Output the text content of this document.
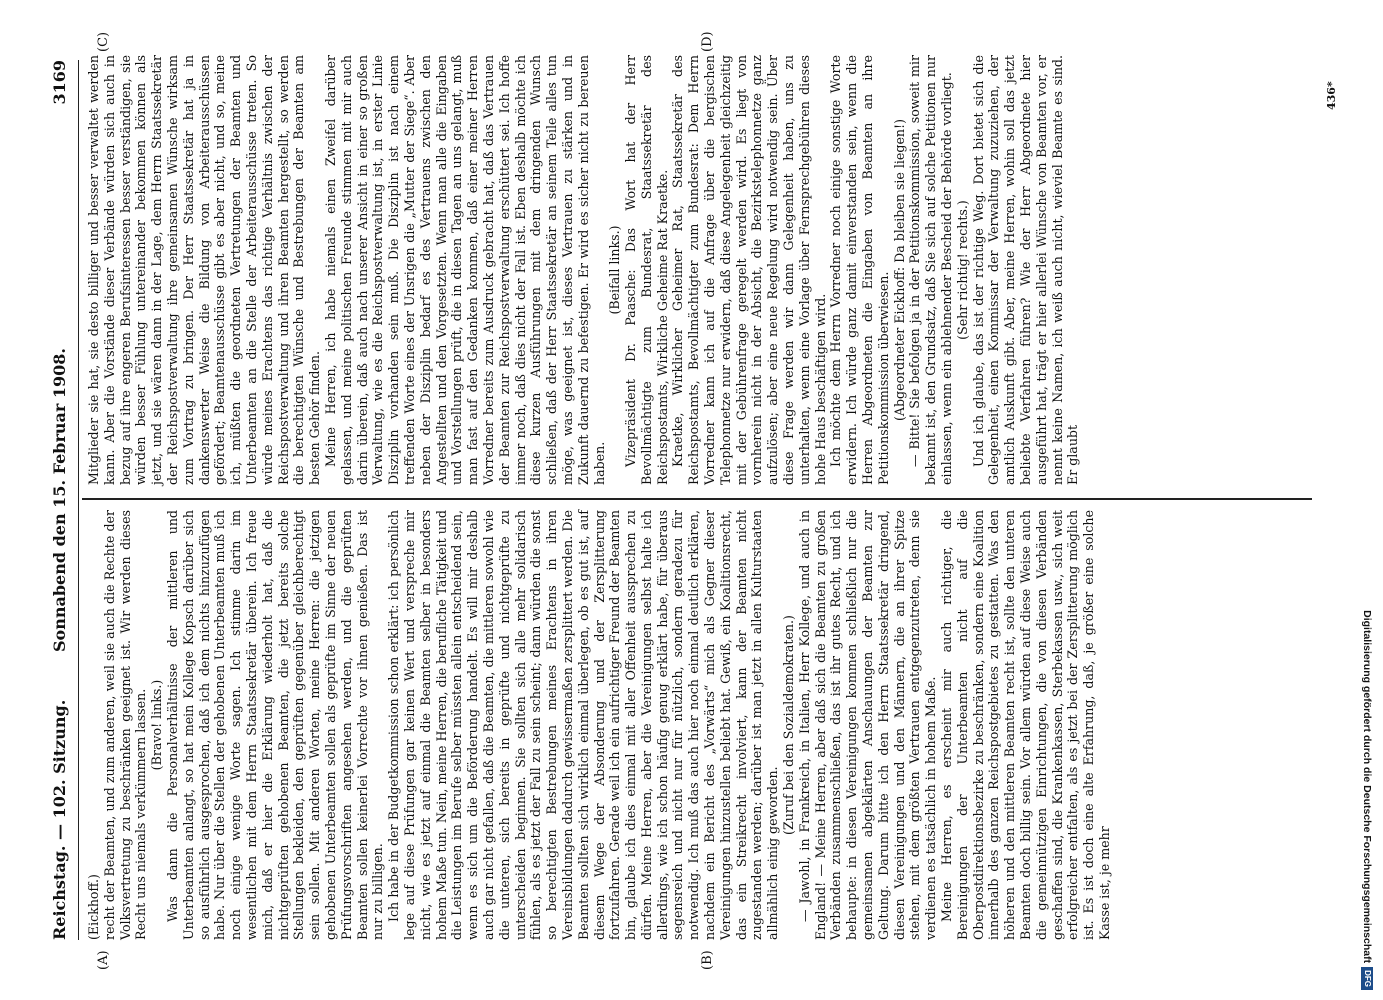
Reichstag. — 102. Sitzung.
Sonnabend den 15. Februar 1908.
3169
(A)	(B)
(C)	(D)

(Eickhoff.) recht der Beamten, und zum anderen, weil sie auch die Rechte der Volksvertretung zu beschränken geeignet ist. Wir werden dieses Recht uns niemals verkümmern lassen. (Bravo! links.) Was dann die Personalverhältnisse der mittleren und Unterbeamten anlangt, so hat mein Kollege Kopsch darüber sich so ausführlich ausgesprochen, daß ich dem nichts hinzuzufügen habe. Nur über die Stellen der gehobenen Unterbeamten muß ich noch einige wenige Worte sagen. Ich stimme darin im wesentlichen mit dem Herrn Staatssekretär überein. Ich freue mich, daß er hier die Erklärung wiederholt hat, daß die nichtgeprüften gehobenen Beamten, die jetzt bereits solche Stellungen bekleiden, den geprüften gegenüber gleichberechtigt sein sollen. Mit anderen Worten, meine Herren: die jetzigen gehobenen Unterbeamten sollen als geprüfte im Sinne der neuen Prüfungsvorschriften angesehen werden, und die geprüften Beamten sollen keinerlei Vorrechte vor ihnen genießen. Das ist nur zu billigen. Ich habe in der Budgetkommission schon erklärt: ich persönlich lege auf diese Prüfungen gar keinen Wert und verspreche mir nicht, wie es jetzt auf einmal die Beamten selber in besonders hohem Maße tun. Nein, meine Herren, die berufliche Tätigkeit und die Leistungen im Berufe selber müssten allein entscheidend sein, wenn es sich um die Beförderung handelt. Es will mir deshalb auch gar nicht gefallen, daß die Beamten, die mittleren sowohl wie die unteren, sich bereits in geprüfte und nichtgeprüfte zu unterscheiden beginnen. Sie sollten sich alle mehr solidarisch fühlen, als es jetzt der Fall zu sein scheint; dann würden die sonst so berechtigten Bestrebungen meines Erachtens in ihren Vereinsbildungen dadurch gewissermaßen zersplittert werden. Die Beamten sollten sich wirklich einmal überlegen, ob es gut ist, auf diesem Wege der Absonderung und der Zersplitterung fortzufahren. Gerade weil ich ein aufrichtiger Freund der Beamten bin, glaube ich dies einmal mit aller Offenheit aussprechen zu dürfen. Meine Herren, aber die Vereinigungen selbst halte ich allerdings, wie ich schon häufig genug erklärt habe, für überaus segensreich und nicht nur für nützlich, sondern geradezu für notwendig. Ich muß das auch hier noch einmal deutlich erklären, nachdem ein Bericht des „Vorwärts“ mich als Gegner dieser Vereinigungen hinzustellen beliebt hat. Gewiß, ein Koalitionsrecht, das ein Streikrecht involviert, kann der Beamten nicht zugestanden werden; darüber ist man jetzt in allen Kulturstaaten allmählich einig geworden.

(Zuruf bei den Sozialdemokraten.) — Jawohl, in Frankreich, in Italien, Herr Kollege, und auch in England! — Meine Herren, aber daß sich die Beamten zu großen Verbänden zusammenschließen, das ist ihr gutes Recht, und ich behaupte: in diesen Vereinigungen kommen schließlich nur die gemeinsamen abgeklärten Anschauungen der Beamten zur Geltung. Darum bitte ich den Herrn Staatssekretär dringend, diesen Vereinigungen und den Männern, die an ihrer Spitze stehen, mit dem größten Vertrauen entgegenzutreten, denn sie verdienen es tatsächlich in hohem Maße. Meine Herren, es erscheint mir auch richtiger, die Bereinigungen der Unterbeamten nicht auf die Oberpostdirektionsbezirke zu beschränken, sondern eine Koalition innerhalb des ganzen Reichspostgebietes zu gestatten. Was den höheren und den mittleren Beamten recht ist, sollte den unteren Beamten doch billig sein. Vor allem würden auf diese Weise auch die gemeinnützigen Einrichtungen, die von diesen Verbänden geschaffen sind, die Krankenkassen, Sterbekassen usw., sich weit erfolgreicher entfalten, als es jetzt bei der Zersplitterung möglich ist. Es ist doch eine alte Erfahrung, daß, je größer eine solche Kasse ist, je mehr

Mitglieder sie hat, sie desto billiger und besser verwaltet werden kann. Aber die Vorstände dieser Verbände würden sich auch in bezug auf ihre engeren Berufsinteressen besser verständigen, sie würden besser Fühlung untereinander bekommen können als jetzt, und sie wären dann in der Lage, dem Herrn Staatssekretär der Reichspostverwaltung ihre gemeinsamen Wünsche wirksam zum Vortrag zu bringen. Der Herr Staatssekretär hat ja in dankenswerter Weise die Bildung von Arbeiterausschüssen gefördert; Beamtenausschüsse gibt es aber nicht, und so, meine ich, müßten die geordneten Vertretungen der Beamten und Unterbeamten an die Stelle der Arbeiterausschüsse treten. So würde meines Erachtens das richtige Verhältnis zwischen der Reichspostverwaltung und ihren Beamten hergestellt, so werden die berechtigten Wünsche und Bestrebungen der Beamten am besten Gehör finden. Meine Herren, ich habe niemals einen Zweifel darüber gelassen, und meine politischen Freunde stimmen mit mir auch darin überein, daß auch nach unserer Ansicht in einer so großen Verwaltung, wie es die Reichspostverwaltung ist, in erster Linie Disziplin vorhanden sein muß. Die Disziplin ist nach einem treffenden Worte eines der Unsrigen die „Mutter der Siege“. Aber neben der Disziplin bedarf es des Vertrauens zwischen den Angestellten und den Vorgesetzten. Wenn man alle die Eingaben und Vorstellungen prüft, die in diesen Tagen an uns gelangt, muß man fast auf den Gedanken kommen, daß einer meiner Herren Vorredner bereits zum Ausdruck gebracht hat, daß das Vertrauen der Beamten zur Reichspostverwaltung erschüttert sei. Ich hoffe immer noch, daß dies nicht der Fall ist. Eben deshalb möchte ich diese kurzen Ausführungen mit dem dringenden Wunsch schließen, daß der Herr Staatssekretär an seinem Teile alles tun möge, was geeignet ist, dieses Vertrauen zu stärken und in Zukunft dauernd zu befestigen. Er wird es sicher nicht zu bereuen haben.

(Beifall links.) Vizepräsident Dr. Paasche: Das Wort hat der Herr Bevollmächtigte zum Bundesrat, Staatssekretär des Reichspostamts, Wirkliche Geheime Rat Kraetke. Kraetke, Wirklicher Geheimer Rat, Staatssekretär des Reichspostamts, Bevollmächtigter zum Bundesrat: Dem Herrn Vorredner kann ich auf die Anfrage über die bergischen Telephonnetze nur erwidern, daß diese Angelegenheit gleichzeitig mit der Gebührenfrage geregelt werden wird. Es liegt von vornherein nicht in der Absicht, die Bezirkstelephonnetze ganz aufzulösen; aber eine neue Regelung wird notwendig sein. Über diese Frage werden wir dann Gelegenheit haben, uns zu unterhalten, wenn eine Vorlage über Fernsprechgebühren dieses hohe Haus beschäftigen wird. Ich möchte dem Herrn Vorredner noch einige sonstige Worte erwidern. Ich würde ganz damit einverstanden sein, wenn die Herren Abgeordneten die Eingaben von Beamten an ihre Petitionskommission überwiesen. (Abgeordneter Eickhoff: Da bleiben sie liegen!) — Bitte! Sie befolgen ja in der Petitionskommission, soweit mir bekannt ist, den Grundsatz, daß Sie sich auf solche Petitionen nur einlassen, wenn ein ablehnender Bescheid der Behörde vorliegt. (Sehr richtig! rechts.) Und ich glaube, das ist der richtige Weg. Dort bietet sich die Gelegenheit, einen Kommissar der Verwaltung zuzuziehen, der amtlich Auskunft gibt. Aber, meine Herren, wohin soll das jetzt beliebte Verfahren führen? Wie der Herr Abgeordnete hier ausgeführt hat, trägt er hier allerlei Wünsche von Beamten vor, er nennt keine Namen, ich weiß auch nicht, wieviel Beamte es sind. Er glaubt

436*
Digitalisierung gefördert durch die Deutsche ForschungsgemeinschaftDFG
